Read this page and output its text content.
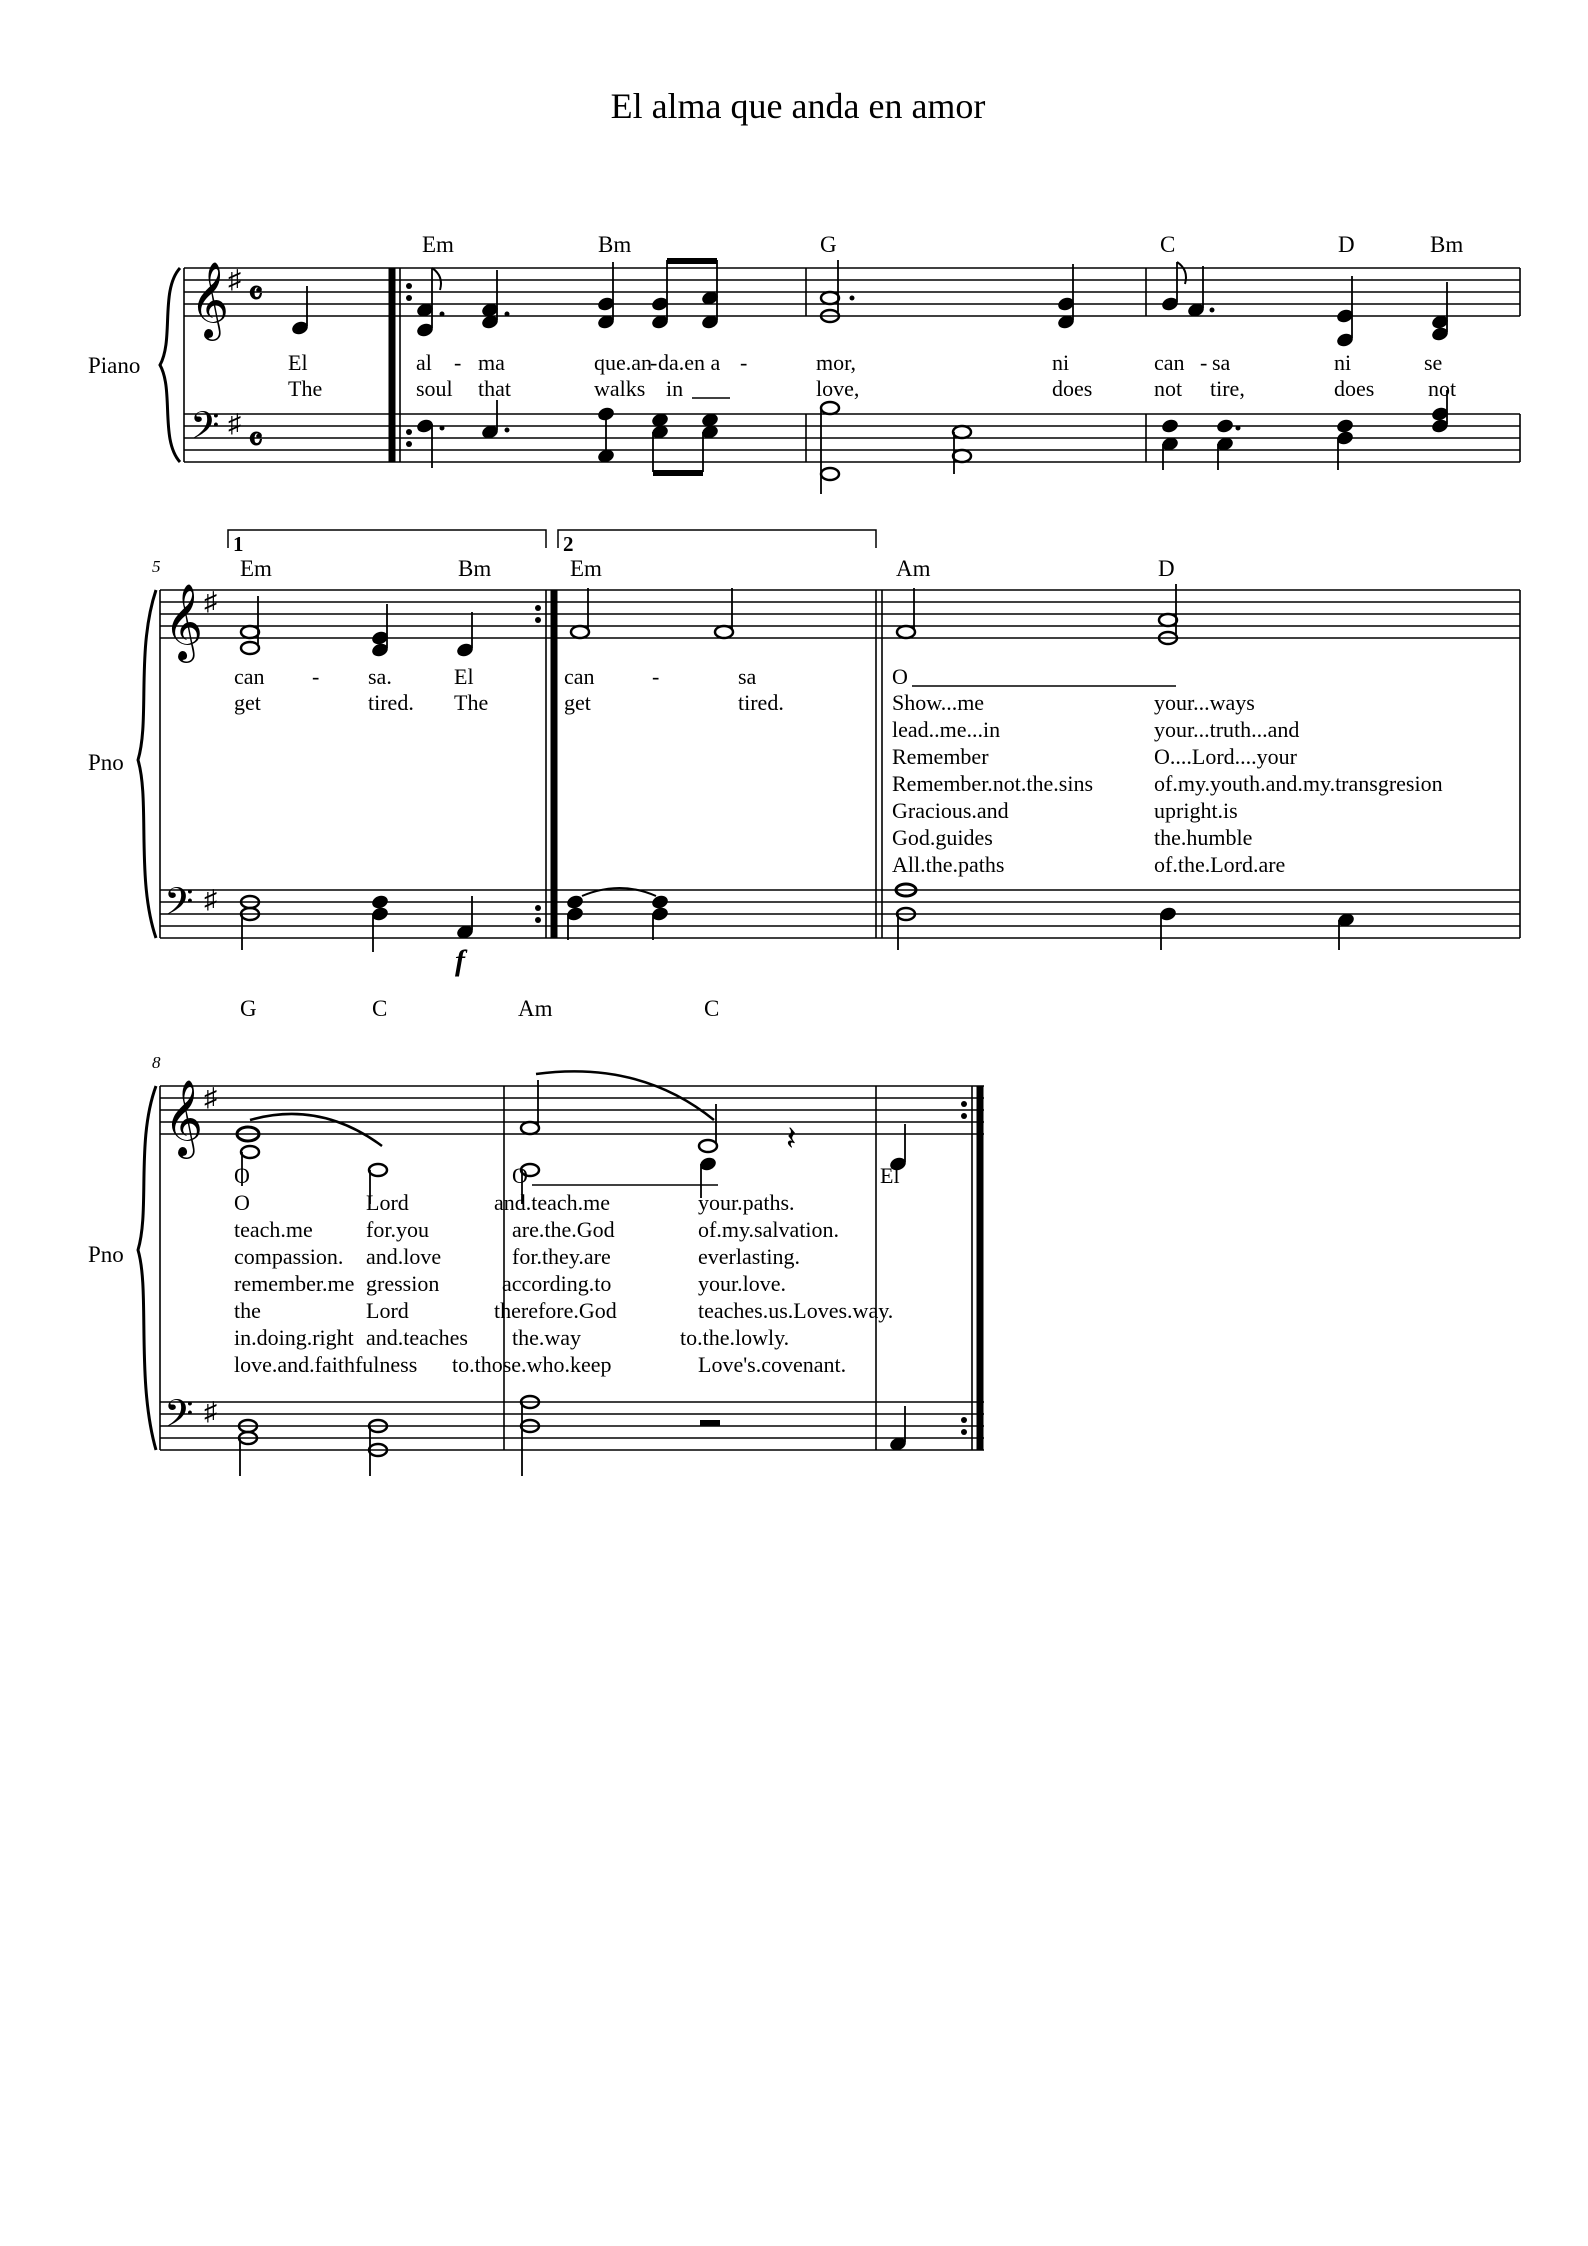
El alma que anda en amor
Piano
𝄞
𝄢
♯
♯
𝄴
𝄴
Em	Bm	G	C	D	Bm
El	al - ma	que.an
- da.en a -	mor,	ni	can - sa	ni	se
The	soul that	walks in	love,	does	not tire,	does not
5
Pno
𝄞
𝄢
♯
♯
1	2
f
Em	Bm	Em	Am	D
can - sa.	El	can	-	sa	O
get	tired. The	get	tired.	Show...me	your...ways
lead..me...in	your...truth...and
Remember	O....Lord....your
Remember.not.the.sins	of.my.youth.and.my.transgresion
Gracious.and	upright.is
God.guides	the.humble
All.the.paths	of.the.Lord.are
8
Pno
𝄞
𝄢
♯
♯
𝄽
G	C	Am	C
O	O	El
O	Lord	and.teach.me	your.paths.
teach.me for.you	are.the.God	of.my.salvation.
compassion. and.love	for.they.are	everlasting.
remember.me gression	according.to	your.love.
the	Lord	therefore.God	teaches.us.Loves.way.
in.doing.right and.teaches the.way	to.the.lowly.
love.and.faithfulness to.those.who.keep	Love's.covenant.
